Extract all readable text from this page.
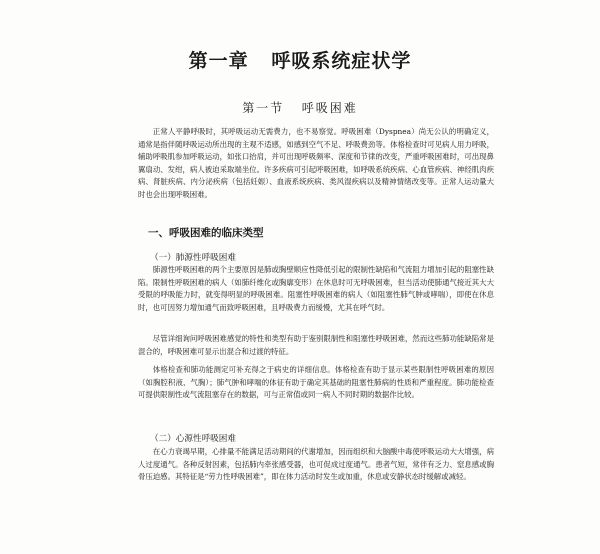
第一章   呼吸系统症状学
第一节   呼吸困难

正常人平静呼吸时，其呼吸运动无需费力，也不易察觉。呼吸困难（Dyspnea）尚无公认的明确定义，通常是指伴随呼吸运动所出现的主观不适感，如感到空气不足、呼吸费劲等。体格检查时可见病人用力呼吸，辅助呼吸肌参加呼吸运动，如张口抬肩，并可出现呼吸频率、深度和节律的改变，严重呼吸困难时，可出现鼻翼扇动、发绀，病人被迫采取端坐位。许多疾病可引起呼吸困难，如呼吸系统疾病、心血管疾病、神经肌肉疾病、肾脏疾病、内分泌疾病（包括妊娠）、血液系统疾病、类风湿疾病以及精神情绪改变等。正常人运动量大时也会出现呼吸困难。

一、呼吸困难的临床类型
（一）肺源性呼吸困难

肺源性呼吸困难的两个主要原因是肺或胸壁顺应性降低引起的限制性缺陷和气流阻力增加引起的阻塞性缺陷。限制性呼吸困难的病人（如肺纤维化或胸廓变形）在休息时可无呼吸困难，但当活动使肺通气接近其大大受限的呼吸能力时，就变得明显的呼吸困难。阻塞性呼吸困难的病人（如阻塞性肺气肿或哮喘），即使在休息时，也可因努力增加通气而致呼吸困难，且呼吸费力而缓慢，尤其在呼气时。

尽管详细询问呼吸困难感觉的特性和类型有助于鉴别限制性和阻塞性呼吸困难，然而这些肺功能缺陷常是混合的，呼吸困难可显示出混合和过渡的特征。

体格检查和肺功能测定可补充得之于病史的详细信息。体格检查有助于显示某些限制性呼吸困难的原因（如胸腔积液、气胸）；肺气肿和哮喘的体征有助于确定其基础的阻塞性肺病的性质和严重程度。肺功能检查可提供限制性或气流阻塞存在的数据，可与正常值或同一病人不同时期的数据作比较。

（二）心源性呼吸困难

在心力衰竭早期，心排量不能满足活动期间的代谢增加，因而组织和大脑酸中毒使呼吸运动大大增强，病人过度通气。各种反射因素，包括肺内牵张感受器，也可促成过度通气。患者气短，常伴有乏力、窒息感或胸骨压迫感。其特征是“劳力性呼吸困难”，即在体力活动时发生或加重，休息或安静状态时缓解或减轻。
